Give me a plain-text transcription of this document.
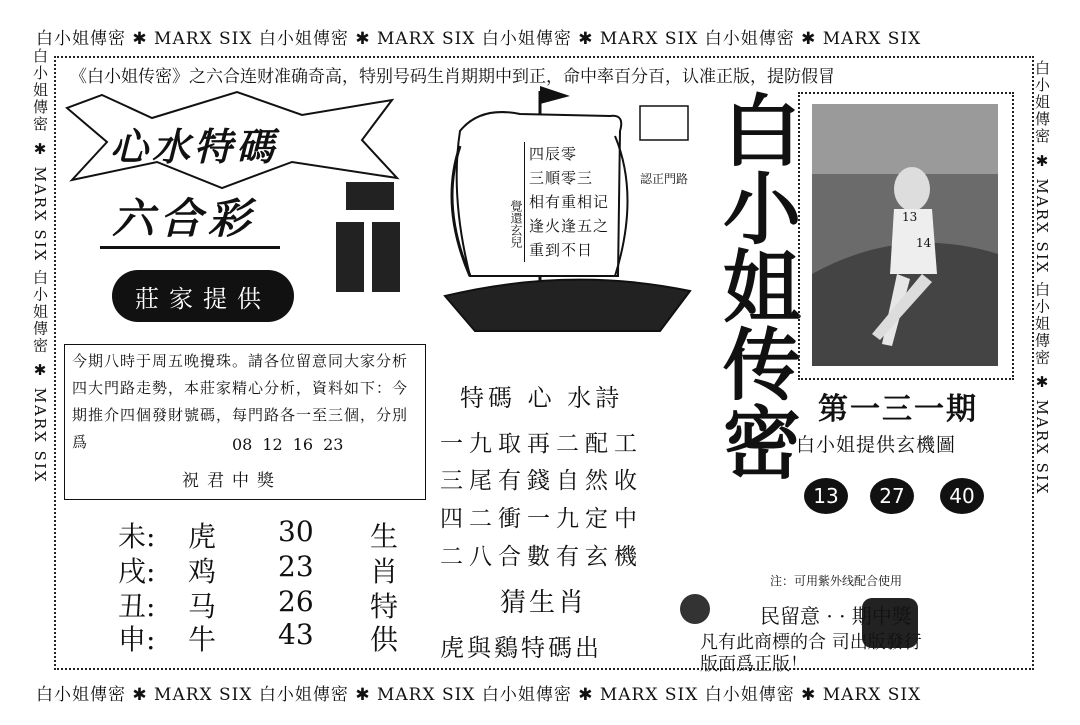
白小姐傳密 ✱ MARX SIX 白小姐傳密 ✱ MARX SIX 白小姐傳密 ✱ MARX SIX 白小姐傳密 ✱ MARX SIX
白小姐傳密 ✱ MARX SIX 白小姐傳密 ✱ MARX SIX 白小姐傳密 ✱ MARX SIX 白小姐傳密 ✱ MARX SIX
白小姐傳密 ✱ MARX SIX 白小姐傳密 ✱ MARX SIX	白小姐傳密 ✱ MARX SIX 白小姐傳密 ✱ MARX SIX
《白小姐传密》之六合连财准确奇高，特别号码生肖期期中到正，命中率百分百，认准正版，提防假冒
心水特碼
六合彩
莊家提供
今期八時于周五晚攪珠。請各位留意同大家分析四大門路走勢，本莊家精心分析，資料如下：今期推介四個發財號碼，每門路各一至三個，分別爲	08 12 16 23
祝君中獎
未:	虎	30	生
戌:	鸡	23	肖
丑:	马	26	特
申:	牛	43	供
四辰零
三順零三
相有重相记
逢火逢五之
重到不日
覺還玄兒
認正門路
特碼 心 水詩
一九取再二配工
三尾有錢自然收
四二衝一九定中
二八合數有玄機
猜生肖
虎與鷄特碼出
白小姐传密	13
14
第一三一期
白小姐提供玄機圖
13	27	40
注：可用紫外线配合使用
民留意 · · 期中獎
凡有此商標的合 司出版發行
版面爲正版！
